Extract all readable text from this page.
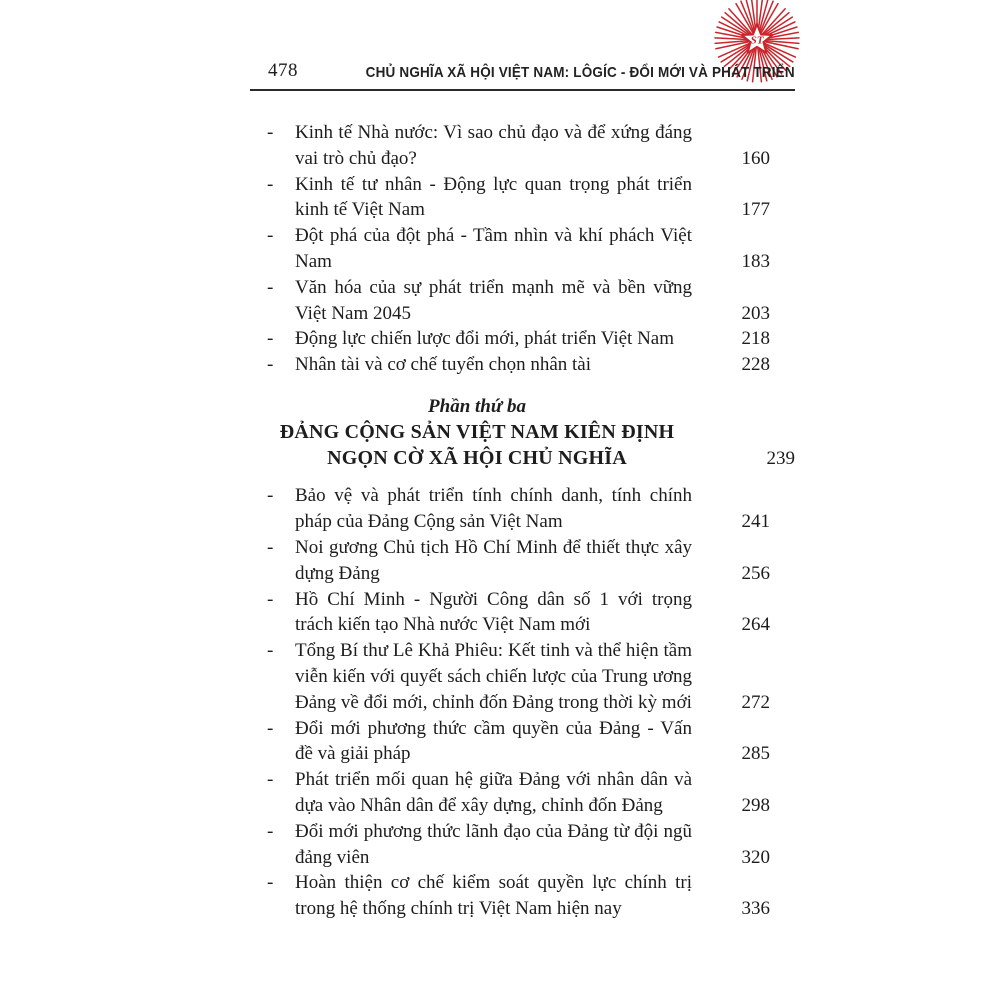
ST
478	CHỦ NGHĨA XÃ HỘI VIỆT NAM: LÔGÍC - ĐỔI MỚI VÀ PHÁT TRIỂN
-	Kinh tế Nhà nước: Vì sao chủ đạo và để xứng đáng vai trò chủ đạo?	160
-	Kinh tế tư nhân - Động lực quan trọng phát triển kinh tế Việt Nam	177
-	Đột phá của đột phá - Tầm nhìn và khí phách Việt Nam	183
-	Văn hóa của sự phát triển mạnh mẽ và bền vững Việt Nam 2045	203
-	Động lực chiến lược đổi mới, phát triển Việt Nam	218
-	Nhân tài và cơ chế tuyển chọn nhân tài	228
Phần thứ ba
ĐẢNG CỘNG SẢN VIỆT NAM KIÊN ĐỊNH
NGỌN CỜ XÃ HỘI CHỦ NGHĨA	239
-	Bảo vệ và phát triển tính chính danh, tính chính pháp của Đảng Cộng sản Việt Nam	241
-	Noi gương Chủ tịch Hồ Chí Minh để thiết thực xây dựng Đảng	256
-	Hồ Chí Minh - Người Công dân số 1 với trọng trách kiến tạo Nhà nước Việt Nam mới	264
-	Tổng Bí thư Lê Khả Phiêu: Kết tinh và thể hiện tầm viễn kiến với quyết sách chiến lược của Trung ương Đảng về đổi mới, chỉnh đốn Đảng trong thời kỳ mới	272
-	Đổi mới phương thức cầm quyền của Đảng - Vấn đề và giải pháp	285
-	Phát triển mối quan hệ giữa Đảng với nhân dân và dựa vào Nhân dân để xây dựng, chỉnh đốn Đảng	298
-	Đổi mới phương thức lãnh đạo của Đảng từ đội ngũ đảng viên	320
-	Hoàn thiện cơ chế kiểm soát quyền lực chính trị trong hệ thống chính trị Việt Nam hiện nay	336
